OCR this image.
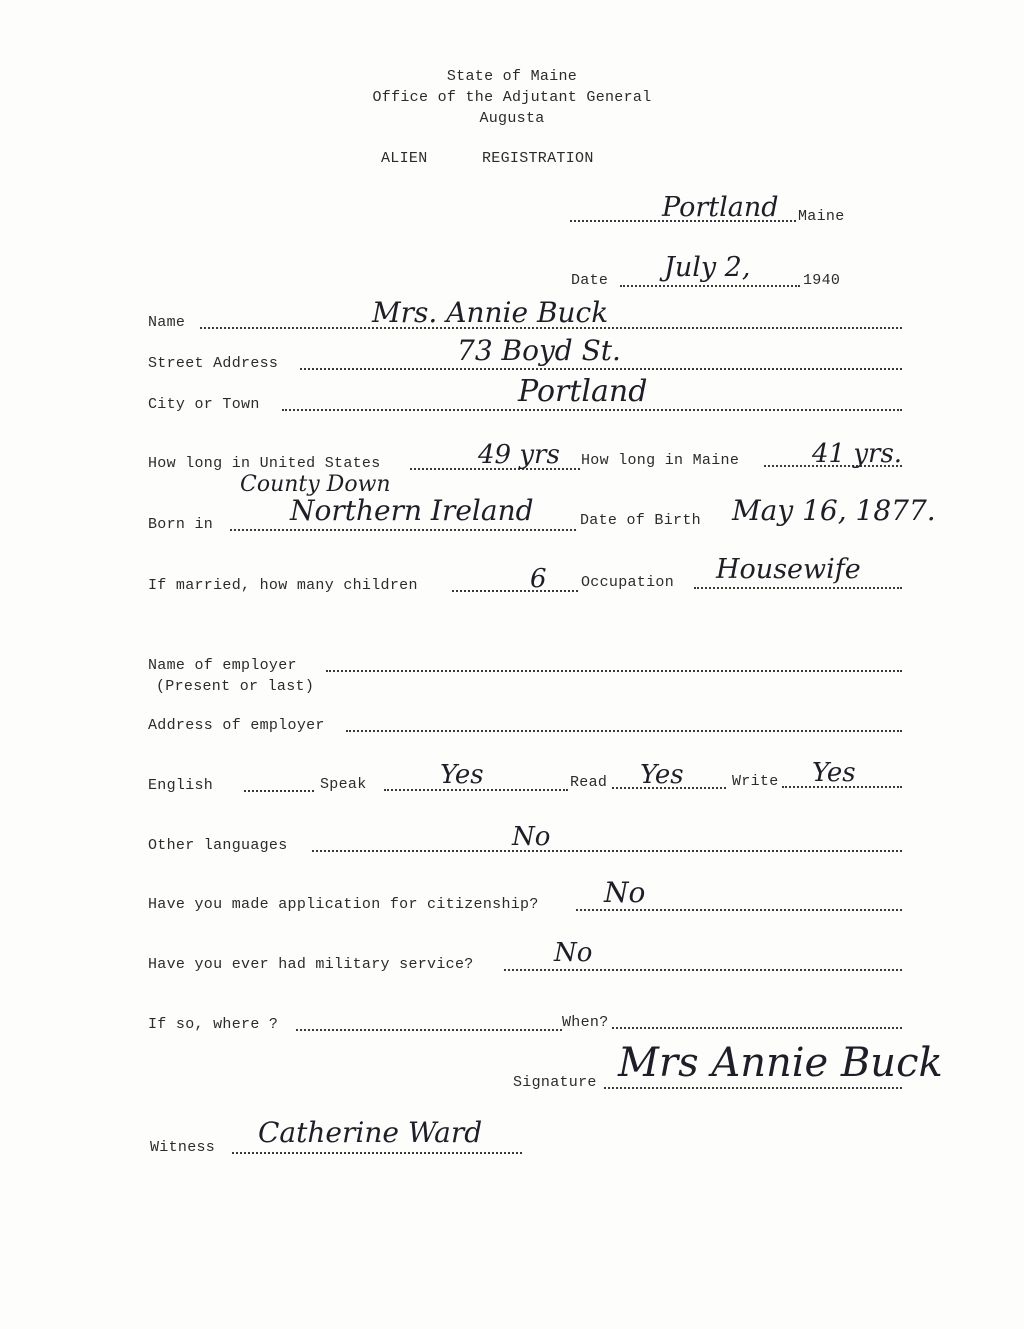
State of Maine
Office of the Adjutant General
Augusta
ALIEN	REGISTRATION
Portland Maine
Date July 2,	1940
Name	Mrs. Annie Buck
Street Address	73 Boyd St.
City or Town	Portland
How long in United States	49 yrs How long in Maine	41 yrs.
County Down
Born in	Northern Ireland	Date of Birth May 16, 1877.
If married, how many children	6 Occupation Housewife
Name of employer
(Present or last)
Address of employer
English	Speak	Yes	Read Yes	Write Yes
Other languages	No
Have you made application for citizenship? No
Have you ever had military service?	No
If so, where ?	When?
Signature Mrs Annie Buck
Witness Catherine Ward
